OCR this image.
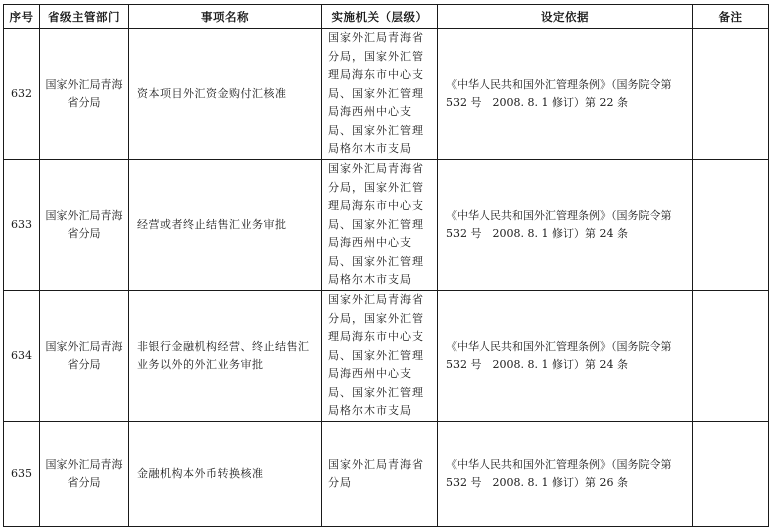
序号	省级主管部门	事项名称	实施机关（层级）	设定依据	备注
632	国家外汇局青海省分局	资本项目外汇资金购付汇核准	国家外汇局青海省分局，国家外汇管理局海东市中心支局、国家外汇管理局海西州中心支局、国家外汇管理局格尔木市支局	《中华人民共和国外汇管理条例》（国务院令第 532 号　2008. 8. 1 修订）第 22 条	
633	国家外汇局青海省分局	经营或者终止结售汇业务审批	国家外汇局青海省分局，国家外汇管理局海东市中心支局、国家外汇管理局海西州中心支局、国家外汇管理局格尔木市支局	《中华人民共和国外汇管理条例》（国务院令第 532 号　2008. 8. 1 修订）第 24 条	
634	国家外汇局青海省分局	非银行金融机构经营、终止结售汇业务以外的外汇业务审批	国家外汇局青海省分局，国家外汇管理局海东市中心支局、国家外汇管理局海西州中心支局、国家外汇管理局格尔木市支局	《中华人民共和国外汇管理条例》（国务院令第 532 号　2008. 8. 1 修订）第 24 条	
635	国家外汇局青海省分局	金融机构本外币转换核准	国家外汇局青海省分局	《中华人民共和国外汇管理条例》（国务院令第 532 号　2008. 8. 1 修订）第 26 条	
